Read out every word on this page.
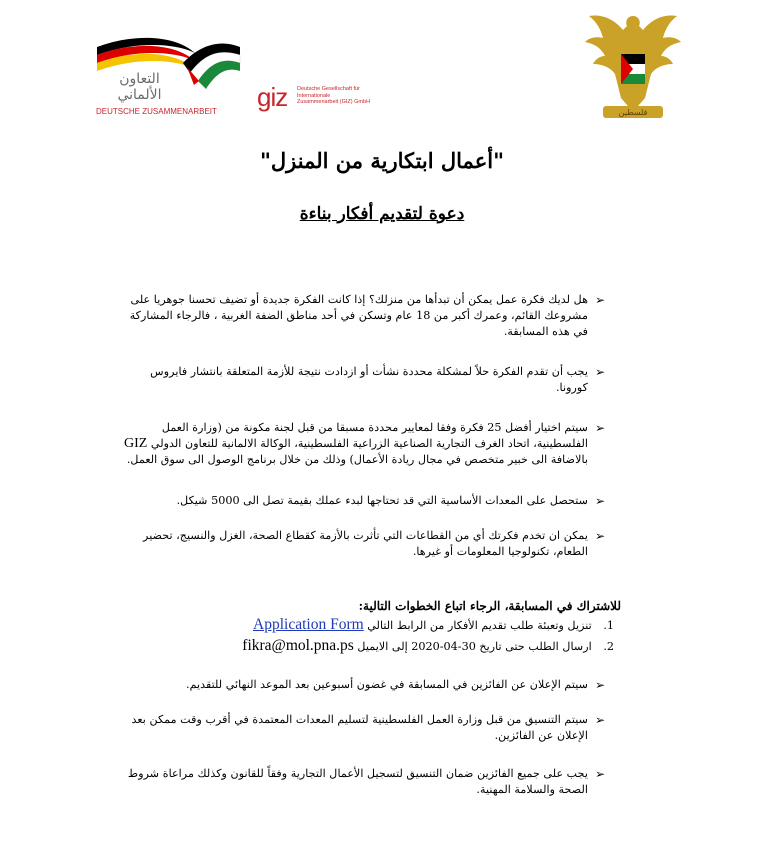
التعاون الألماني
DEUTSCHE ZUSAMMENARBEIT giz Deutsche Gesellschaft für Internationale Zusammenarbeit (GIZ) GmbH
فلسطين
"أعمال ابتكارية من المنزل"
دعوة لتقديم أفكار بناءة
➢
هل لديك فكرة عمل يمكن أن تبدأها من منزلك؟ إذا كانت الفكرة جديدة أو تضيف تحسنا جوهريا على مشروعك القائم، وعمرك أكبر من 18 عام وتسكن في أحد مناطق الضفة الغربية ، فالرجاء المشاركة في هذه المسابقة.
➢
يجب أن تقدم الفكرة حلاً لمشكلة محددة نشأت أو ازدادت نتيجة للأزمة المتعلقة بانتشار فايروس كورونا.
➢
سيتم اختيار أفضل 25 فكرة وفقا لمعايير محددة مسبقا من قبل لجنة مكونة من (وزارة العمل الفلسطينية، اتحاد الغرف التجارية الصناعية الزراعية الفلسطينية، الوكالة الالمانية للتعاون الدولي GIZ بالاضافة الى خبير متخصص في مجال ريادة الأعمال) وذلك من خلال برنامج الوصول الى سوق العمل.
➢
ستحصل على المعدات الأساسية التي قد تحتاجها لبدء عملك بقيمة تصل الى 5000 شيكل.
➢
يمكن ان تخدم فكرتك أي من القطاعات التي تأثرت بالأزمة كقطاع الصحة، الغزل والنسيج، تحضير الطعام، تكنولوجيا المعلومات أو غيرها.
للاشتراك في المسابقة، الرجاء اتباع الخطوات التالية:
1. تنزيل وتعبئة طلب تقديم الأفكار من الرابط التالي Application Form
2. ارسال الطلب حتى تاريخ 30-04-2020 إلى الايميل fikra@mol.pna.ps
➢
سيتم الإعلان عن الفائزين في المسابقة في غضون أسبوعين بعد الموعد النهائي للتقديم.
➢
سيتم التنسيق من قبل وزارة العمل الفلسطينية لتسليم المعدات المعتمدة في أقرب وقت ممكن بعد الإعلان عن الفائزين.
➢
يجب على جميع الفائزين ضمان التنسيق لتسجيل الأعمال التجارية وفقاً للقانون وكذلك مراعاة شروط الصحة والسلامة المهنية.
